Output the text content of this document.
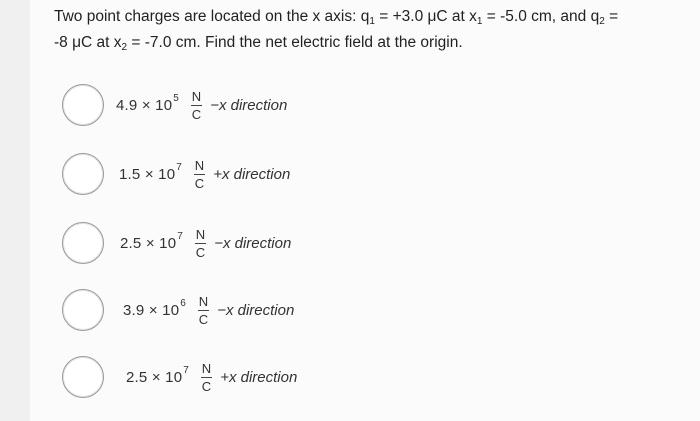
Two point charges are located on the x axis: $q_1 = +3.0$ μC at $x_1 = -5.0$ cm, and $q_2$ =
-8 μC at $x_2 = -7.0$ cm. Find the net electric field at the origin.
4.9 × 10 $5 \frac{N}{C} -x$ direction
1.5 × 10 $7 \frac{N}{C} +x$ direction
2.5 × 10 $7 \frac{N}{C} -x$ direction
3.9 × 10 $6 \frac{N}{C} -x$ direction
2.5 × 10 $7 \frac{N}{C} +x$ direction
